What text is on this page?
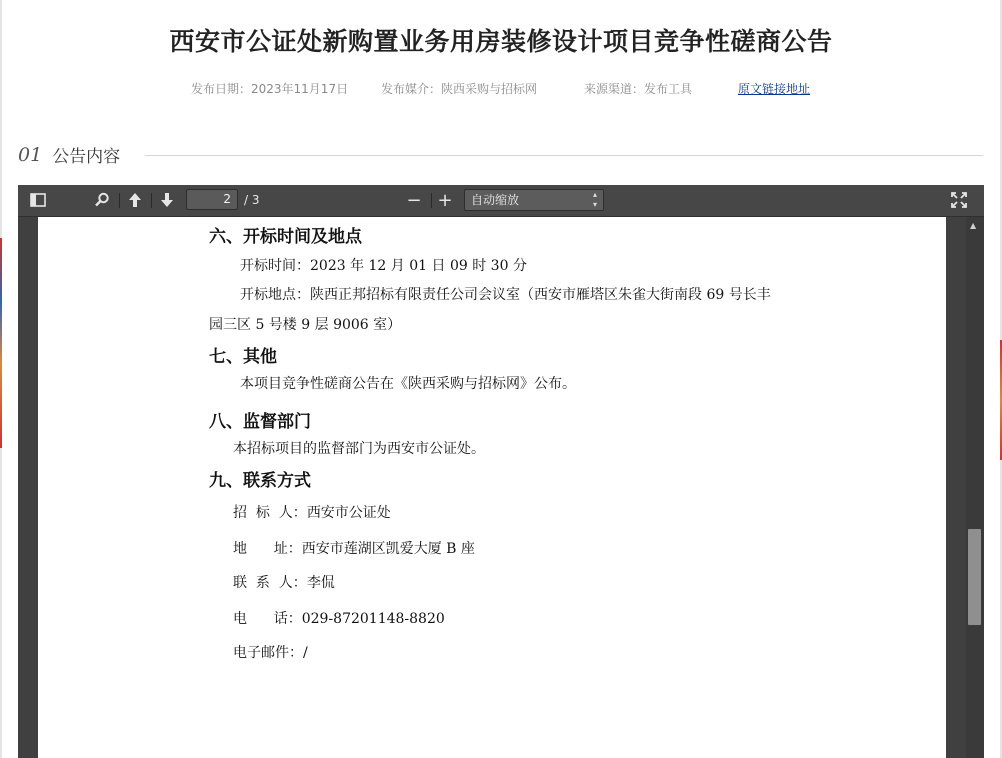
西安市公证处新购置业务用房装修设计项目竞争性磋商公告
发布日期：2023年11月17日	发布媒介：陕西采购与招标网	来源渠道：发布工具	原文链接地址
01 公告内容
2	/ 3	− +	自动缩放	▴
▾
六、开标时间及地点
开标时间：2023 年 12 月 01 日 09 时 30 分
开标地点：陕西正邦招标有限责任公司会议室（西安市雁塔区朱雀大街南段 69 号长丰
园三区 5 号楼 9 层 9006 室）
七、其他
本项目竞争性磋商公告在《陕西采购与招标网》公布。
八、监督部门
本招标项目的监督部门为西安市公证处。
九、联系方式
招  标  人：西安市公证处
地      址：西安市莲湖区凯爱大厦 B 座
联  系  人：李侃
电      话：029-87201148-8820
电子邮件：/
▲
